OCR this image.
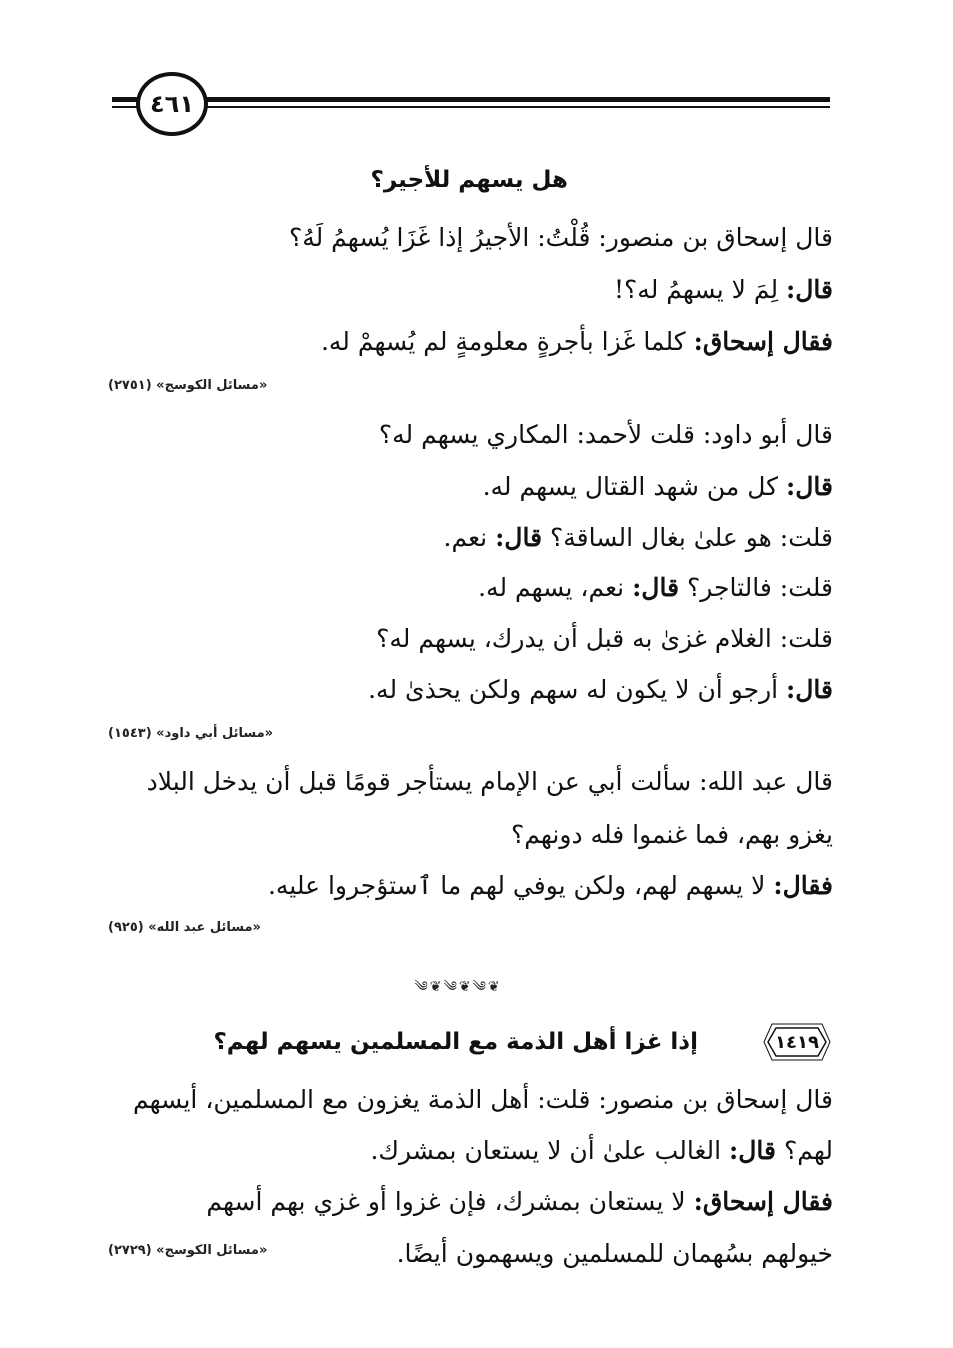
٤٦١
هل يسهم للأجير؟
قال إسحاق بن منصور: قُلْتُ: الأجيرُ إذا غَزَا يُسهمُ لَهُ؟
قال: لِمَ لا يسهمُ له؟!
فقال إسحاق: كلما غَزا بأجرةٍ معلومةٍ لم يُسهمْ له.
«مسائل الكوسج» (٢٧٥١)
قال أبو داود: قلت لأحمد: المكاري يسهم له؟
قال: كل من شهد القتال يسهم له.
قلت: هو علىٰ بغال الساقة؟ قال: نعم.
قلت: فالتاجر؟ قال: نعم، يسهم له.
قلت: الغلام غزىٰ به قبل أن يدرك، يسهم له؟
قال: أرجو أن لا يكون له سهم ولكن يحذىٰ له.
«مسائل أبي داود» (١٥٤٣)
قال عبد الله: سألت أبي عن الإمام يستأجر قومًا قبل أن يدخل البلاد
يغزو بهم، فما غنموا فله دونهم؟
فقال: لا يسهم لهم، ولكن يوفي لهم ما ٱستؤجروا عليه.
«مسائل عبد الله» (٩٢٥)
༄❦༄❦༄❦
١٤١٩
إذا غزا أهل الذمة مع المسلمين يسهم لهم؟
قال إسحاق بن منصور: قلت: أهل الذمة يغزون مع المسلمين، أيسهم
لهم؟ قال: الغالب علىٰ أن لا يستعان بمشرك.
فقال إسحاق: لا يستعان بمشرك، فإن غزوا أو غزي بهم أسهم
خيولهم بسُهمان للمسلمين ويسهمون أيضًا.
«مسائل الكوسج» (٢٧٢٩)
